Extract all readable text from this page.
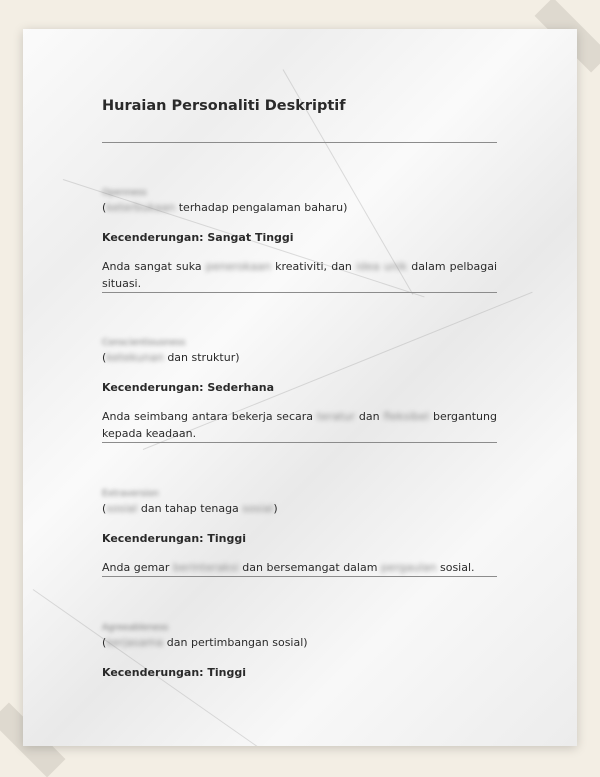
Huraian Personaliti Deskriptif
Openness
(keterbukaan terhadap pengalaman baharu)
Kecenderungan: Sangat Tinggi
Anda sangat suka penerokaan kreativiti, dan idea unik dalam pelbagai situasi.
Conscientiousness
(ketekunan dan struktur)
Kecenderungan: Sederhana
Anda seimbang antara bekerja secara teratur dan fleksibel bergantung kepada keadaan.
Extraversion
(sosial dan tahap tenaga sosial)
Kecenderungan: Tinggi
Anda gemar berinteraksi dan bersemangat dalam pergaulan sosial.
Agreeableness
(kerjasama dan pertimbangan sosial)
Kecenderungan: Tinggi
